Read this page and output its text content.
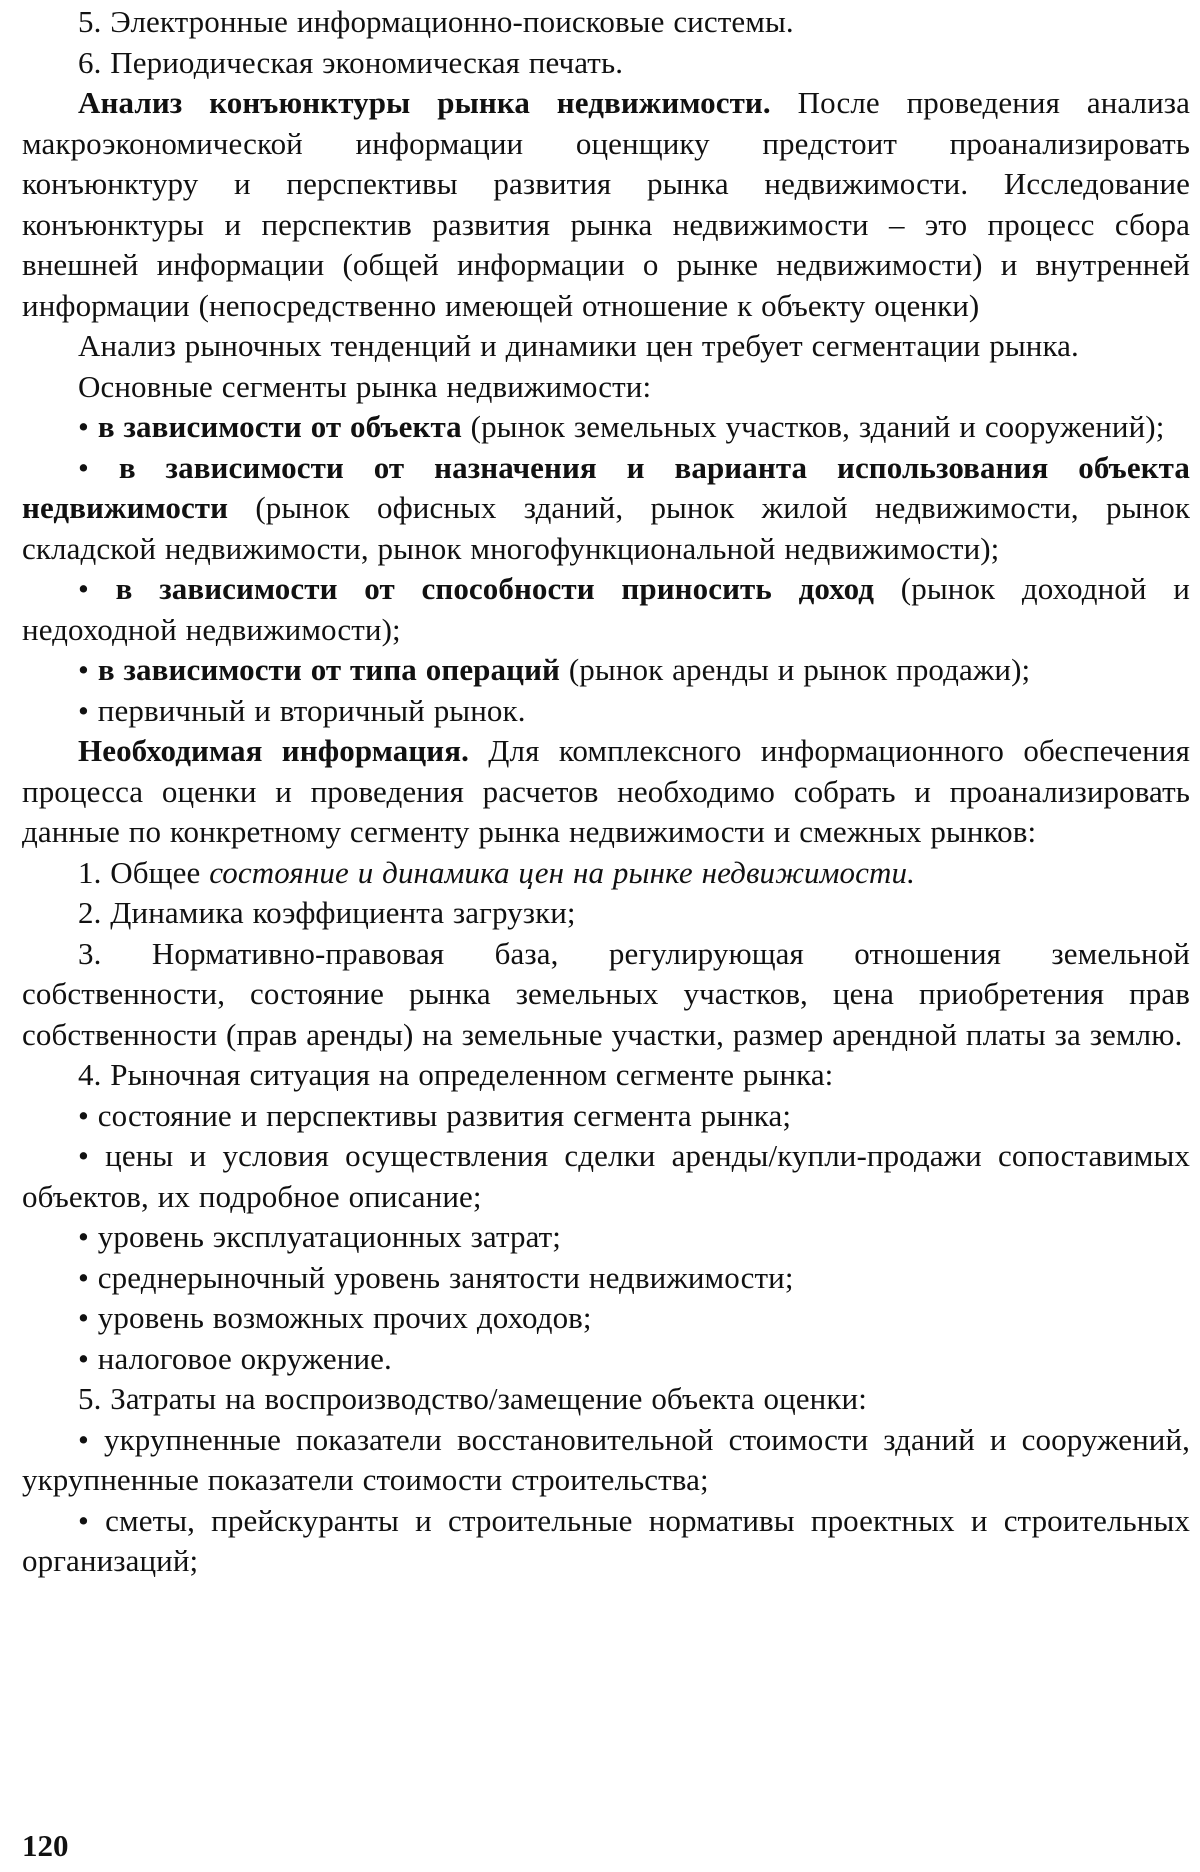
5. Электронные информационно-поисковые системы.

6. Периодическая экономическая печать.

Анализ конъюнктуры рынка недвижимости. После проведения анализа макроэкономической информации оценщику предстоит проанализировать конъюнктуру и перспективы развития рынка недвижимости. Исследование конъюнктуры и перспектив развития рынка недвижимости – это процесс сбора внешней информации (общей информации о рынке недвижимости) и внутренней информации (непосредственно имеющей отношение к объекту оценки)

Анализ рыночных тенденций и динамики цен требует сегментации рынка.

Основные сегменты рынка недвижимости:

• в зависимости от объекта (рынок земельных участков, зданий и сооружений);

• в зависимости от назначения и варианта использования объекта недвижимости (рынок офисных зданий, рынок жилой недвижимости, рынок складской недвижимости, рынок многофункциональной недвижимости);

• в зависимости от способности приносить доход (рынок доходной и недоходной недвижимости);

• в зависимости от типа операций (рынок аренды и рынок продажи);

• первичный и вторичный рынок.

Необходимая информация. Для комплексного информационного обеспечения процесса оценки и проведения расчетов необходимо собрать и проанализировать данные по конкретному сегменту рынка недвижимости и смежных рынков:

1. Общее состояние и динамика цен на рынке недвижимости.

2. Динамика коэффициента загрузки;

3. Нормативно-правовая база, регулирующая отношения земельной собственности, состояние рынка земельных участков, цена приобретения прав собственности (прав аренды) на земельные участки, размер арендной платы за землю.

4. Рыночная ситуация на определенном сегменте рынка:

• состояние и перспективы развития сегмента рынка;

• цены и условия осуществления сделки аренды/купли-продажи сопоставимых объектов, их подробное описание;

• уровень эксплуатационных затрат;

• среднерыночный уровень занятости недвижимости;

• уровень возможных прочих доходов;

• налоговое окружение.

5. Затраты на воспроизводство/замещение объекта оценки:

• укрупненные показатели восстановительной стоимости зданий и сооружений, укрупненные показатели стоимости строительства;

• сметы, прейскуранты и строительные нормативы проектных и строительных организаций;

120
